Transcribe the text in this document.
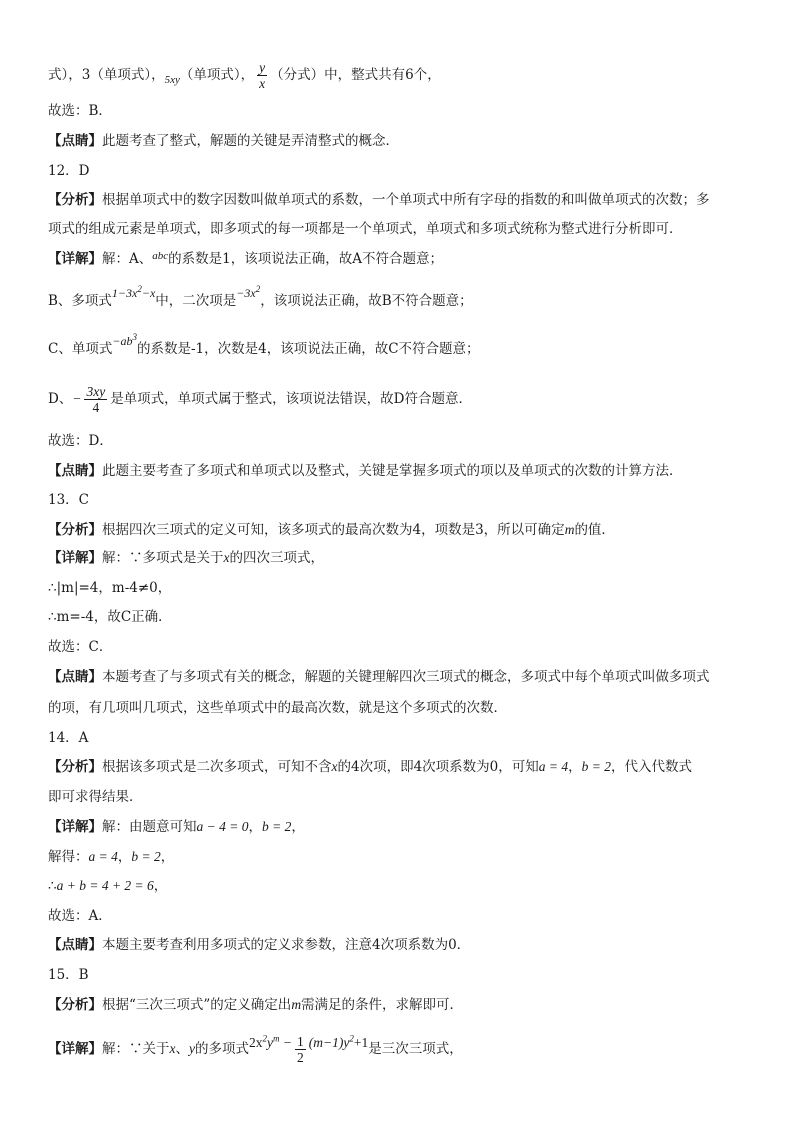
式），3（单项式），$_{5xy}$（单项式）， $\frac{y}{x}$ （分式）中，整式共有6个，
故选：B．
【点睛】此题考查了整式，解题的关键是弄清整式的概念．
12．D
【分析】根据单项式中的数字因数叫做单项式的系数，一个单项式中所有字母的指数的和叫做单项式的次数；多
项式的组成元素是单项式，即多项式的每一项都是一个单项式，单项式和多项式统称为整式进行分析即可．
【详解】解：A、$^{abc}$的系数是1，该项说法正确，故A不符合题意；
B、多项式$1-3x^2-x$中，二次项是$-3x^2$，该项说法正确，故B不符合题意；
C、单项式$-ab^3$的系数是-1，次数是4，该项说法正确，故C不符合题意；
D、− $\frac{3xy}{4}$ 是单项式，单项式属于整式，该项说法错误，故D符合题意．
故选：D．
【点睛】此题主要考查了多项式和单项式以及整式，关键是掌握多项式的项以及单项式的次数的计算方法．
13．C
【分析】根据四次三项式的定义可知，该多项式的最高次数为4，项数是3，所以可确定m的值．
【详解】解：∵多项式是关于x的四次三项式，
∴|m|=4，m-4≠0，
∴m=-4，故C正确．
故选：C．
【点睛】本题考查了与多项式有关的概念，解题的关键理解四次三项式的概念，多项式中每个单项式叫做多项式
的项，有几项叫几项式，这些单项式中的最高次数，就是这个多项式的次数．
14．A
【分析】根据该多项式是二次多项式，可知不含x的4次项，即4次项系数为0，可知a = 4，b = 2，代入代数式
即可求得结果．
【详解】解：由题意可知a − 4 = 0，b = 2，
解得：a = 4，b = 2，
∴a + b = 4 + 2 = 6，
故选：A．
【点睛】本题主要考查利用多项式的定义求参数，注意4次项系数为0．
15．B
【分析】根据“三次三项式”的定义确定出m需满足的条件，求解即可．
【详解】解：∵关于x、y的多项式$2x^2y^m - \frac{1}{2} (m-1)y^2+1$是三次三项式，
